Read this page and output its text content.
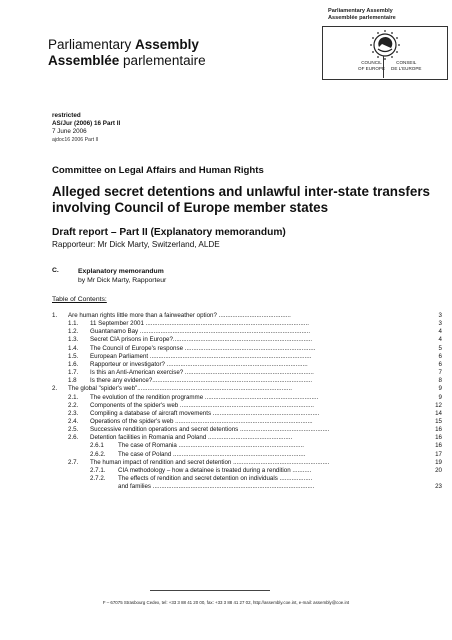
Parliamentary Assembly
Assemblée parlementaire
COUNCIL
OF EUROPE
CONSEIL
DE L'EUROPE
Parliamentary Assembly
Assemblée parlementaire
restricted
AS/Jur (2006) 16 Part II
7 June 2006
ajdoc16 2006 Part II
Committee on Legal Affairs and Human Rights
Alleged secret detentions and unlawful inter-state transfers involving Council of Europe member states
Draft report – Part II (Explanatory memorandum)
Rapporteur: Mr Dick Marty, Switzerland, ALDE
C.	Explanatory memorandum
by Mr Dick Marty, Rapporteur
Table of Contents:
1. Are human rights little more than a fairweather option? ..........................................	3
1.1. 11 September 2001 ...............................................................................................	3
1.2. Guantanamo Bay ...................................................................................................	4
1.3. Secret CIA prisons in Europe?.................................................................................	4
1.4. The Council of Europe's response ............................................................................	5
1.5. European Parliament ..............................................................................................	6
1.6. Rapporteur or investigator? ..................................................................................	6
1.7. Is this an Anti-American exercise? ...........................................................................	7
1.8 Is there any evidence?.............................................................................................	8
2. The global "spider's web"..........................................................................................	9
2.1. The evolution of the rendition programme ..................................................................	9
2.2. Components of the spider's web ..............................................................................	12
2.3. Compiling a database of aircraft movements ..............................................................	14
2.4. Operations of the spider's web ................................................................................	15
2.5. Successive rendition operations and secret detentions ....................................................	16
2.6. Detention facilities in Romania and Poland .................................................	16
2.6.1 The case of Romania .........................................................................	16
2.6.2. The case of Poland .............................................................................	17
2.7. The human impact of rendition and secret detention ........................................................	19
2.7.1. CIA methodology – how a detainee is treated during a rendition ...........	20
2.7.2. The effects of rendition and secret detention on individuals ...................
and families ..............................................................................................	23
F – 67075 Strasbourg Cedex, tel: +33 3 88 41 20 00, fax: +33 3 88 41 27 02, http://assembly.coe.int, e-mail: assembly@coe.int
